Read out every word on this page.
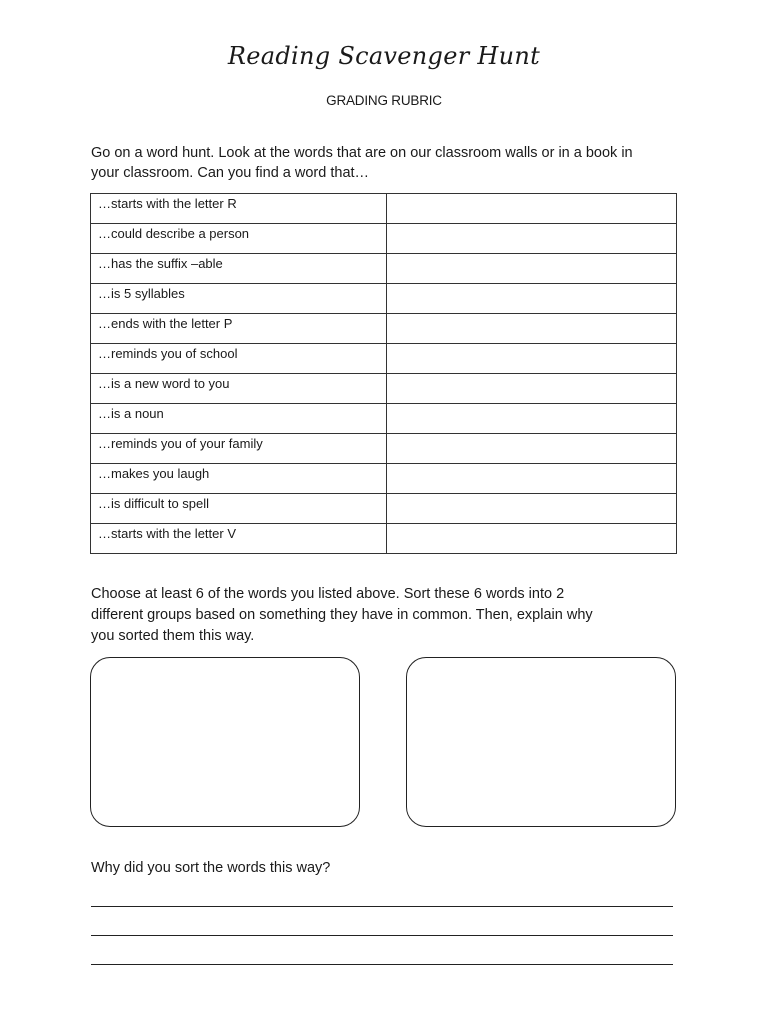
Reading Scavenger Hunt
GRADING RUBRIC
Go on a word hunt. Look at the words that are on our classroom walls or in a book in
your classroom. Can you find a word that…
…starts with the letter R	
…could describe a person	
…has the suffix –able	
…is 5 syllables	
…ends with the letter P	
…reminds you of school	
…is a new word to you	
…is a noun	
…reminds you of your family	
…makes you laugh	
…is difficult to spell	
…starts with the letter V	
Choose at least 6 of the words you listed above. Sort these 6 words into 2
different groups based on something they have in common. Then, explain why
you sorted them this way.
Why did you sort the words this way?
